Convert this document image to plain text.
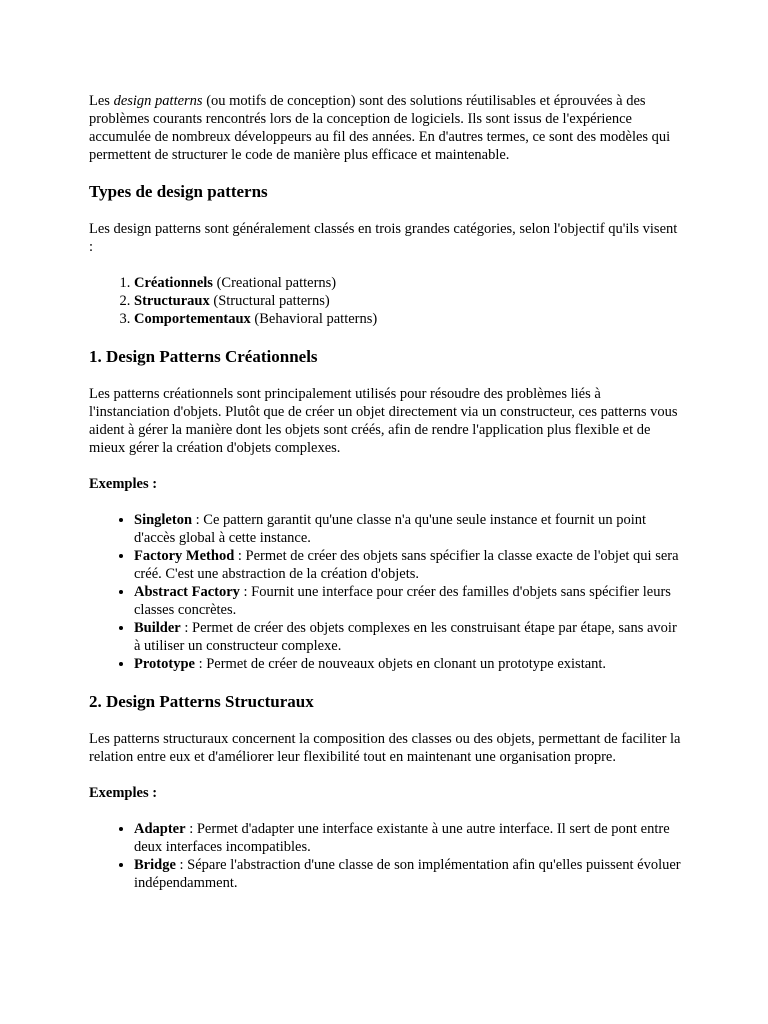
Les design patterns (ou motifs de conception) sont des solutions réutilisables et éprouvées à des problèmes courants rencontrés lors de la conception de logiciels. Ils sont issus de l'expérience accumulée de nombreux développeurs au fil des années. En d'autres termes, ce sont des modèles qui permettent de structurer le code de manière plus efficace et maintenable.

Types de design patterns

Les design patterns sont généralement classés en trois grandes catégories, selon l'objectif qu'ils visent :

1. Créationnels (Creational patterns)
2. Structuraux (Structural patterns)
3. Comportementaux (Behavioral patterns)
1. Design Patterns Créationnels

Les patterns créationnels sont principalement utilisés pour résoudre des problèmes liés à l'instanciation d'objets. Plutôt que de créer un objet directement via un constructeur, ces patterns vous aident à gérer la manière dont les objets sont créés, afin de rendre l'application plus flexible et de mieux gérer la création d'objets complexes.

Exemples :

• Singleton : Ce pattern garantit qu'une classe n'a qu'une seule instance et fournit un point d'accès global à cette instance.
• Factory Method : Permet de créer des objets sans spécifier la classe exacte de l'objet qui sera créé. C'est une abstraction de la création d'objets.
• Abstract Factory : Fournit une interface pour créer des familles d'objets sans spécifier leurs classes concrètes.
• Builder : Permet de créer des objets complexes en les construisant étape par étape, sans avoir à utiliser un constructeur complexe.
• Prototype : Permet de créer de nouveaux objets en clonant un prototype existant.
2. Design Patterns Structuraux

Les patterns structuraux concernent la composition des classes ou des objets, permettant de faciliter la relation entre eux et d'améliorer leur flexibilité tout en maintenant une organisation propre.

Exemples :

• Adapter : Permet d'adapter une interface existante à une autre interface. Il sert de pont entre deux interfaces incompatibles.
• Bridge : Sépare l'abstraction d'une classe de son implémentation afin qu'elles puissent évoluer indépendamment.
